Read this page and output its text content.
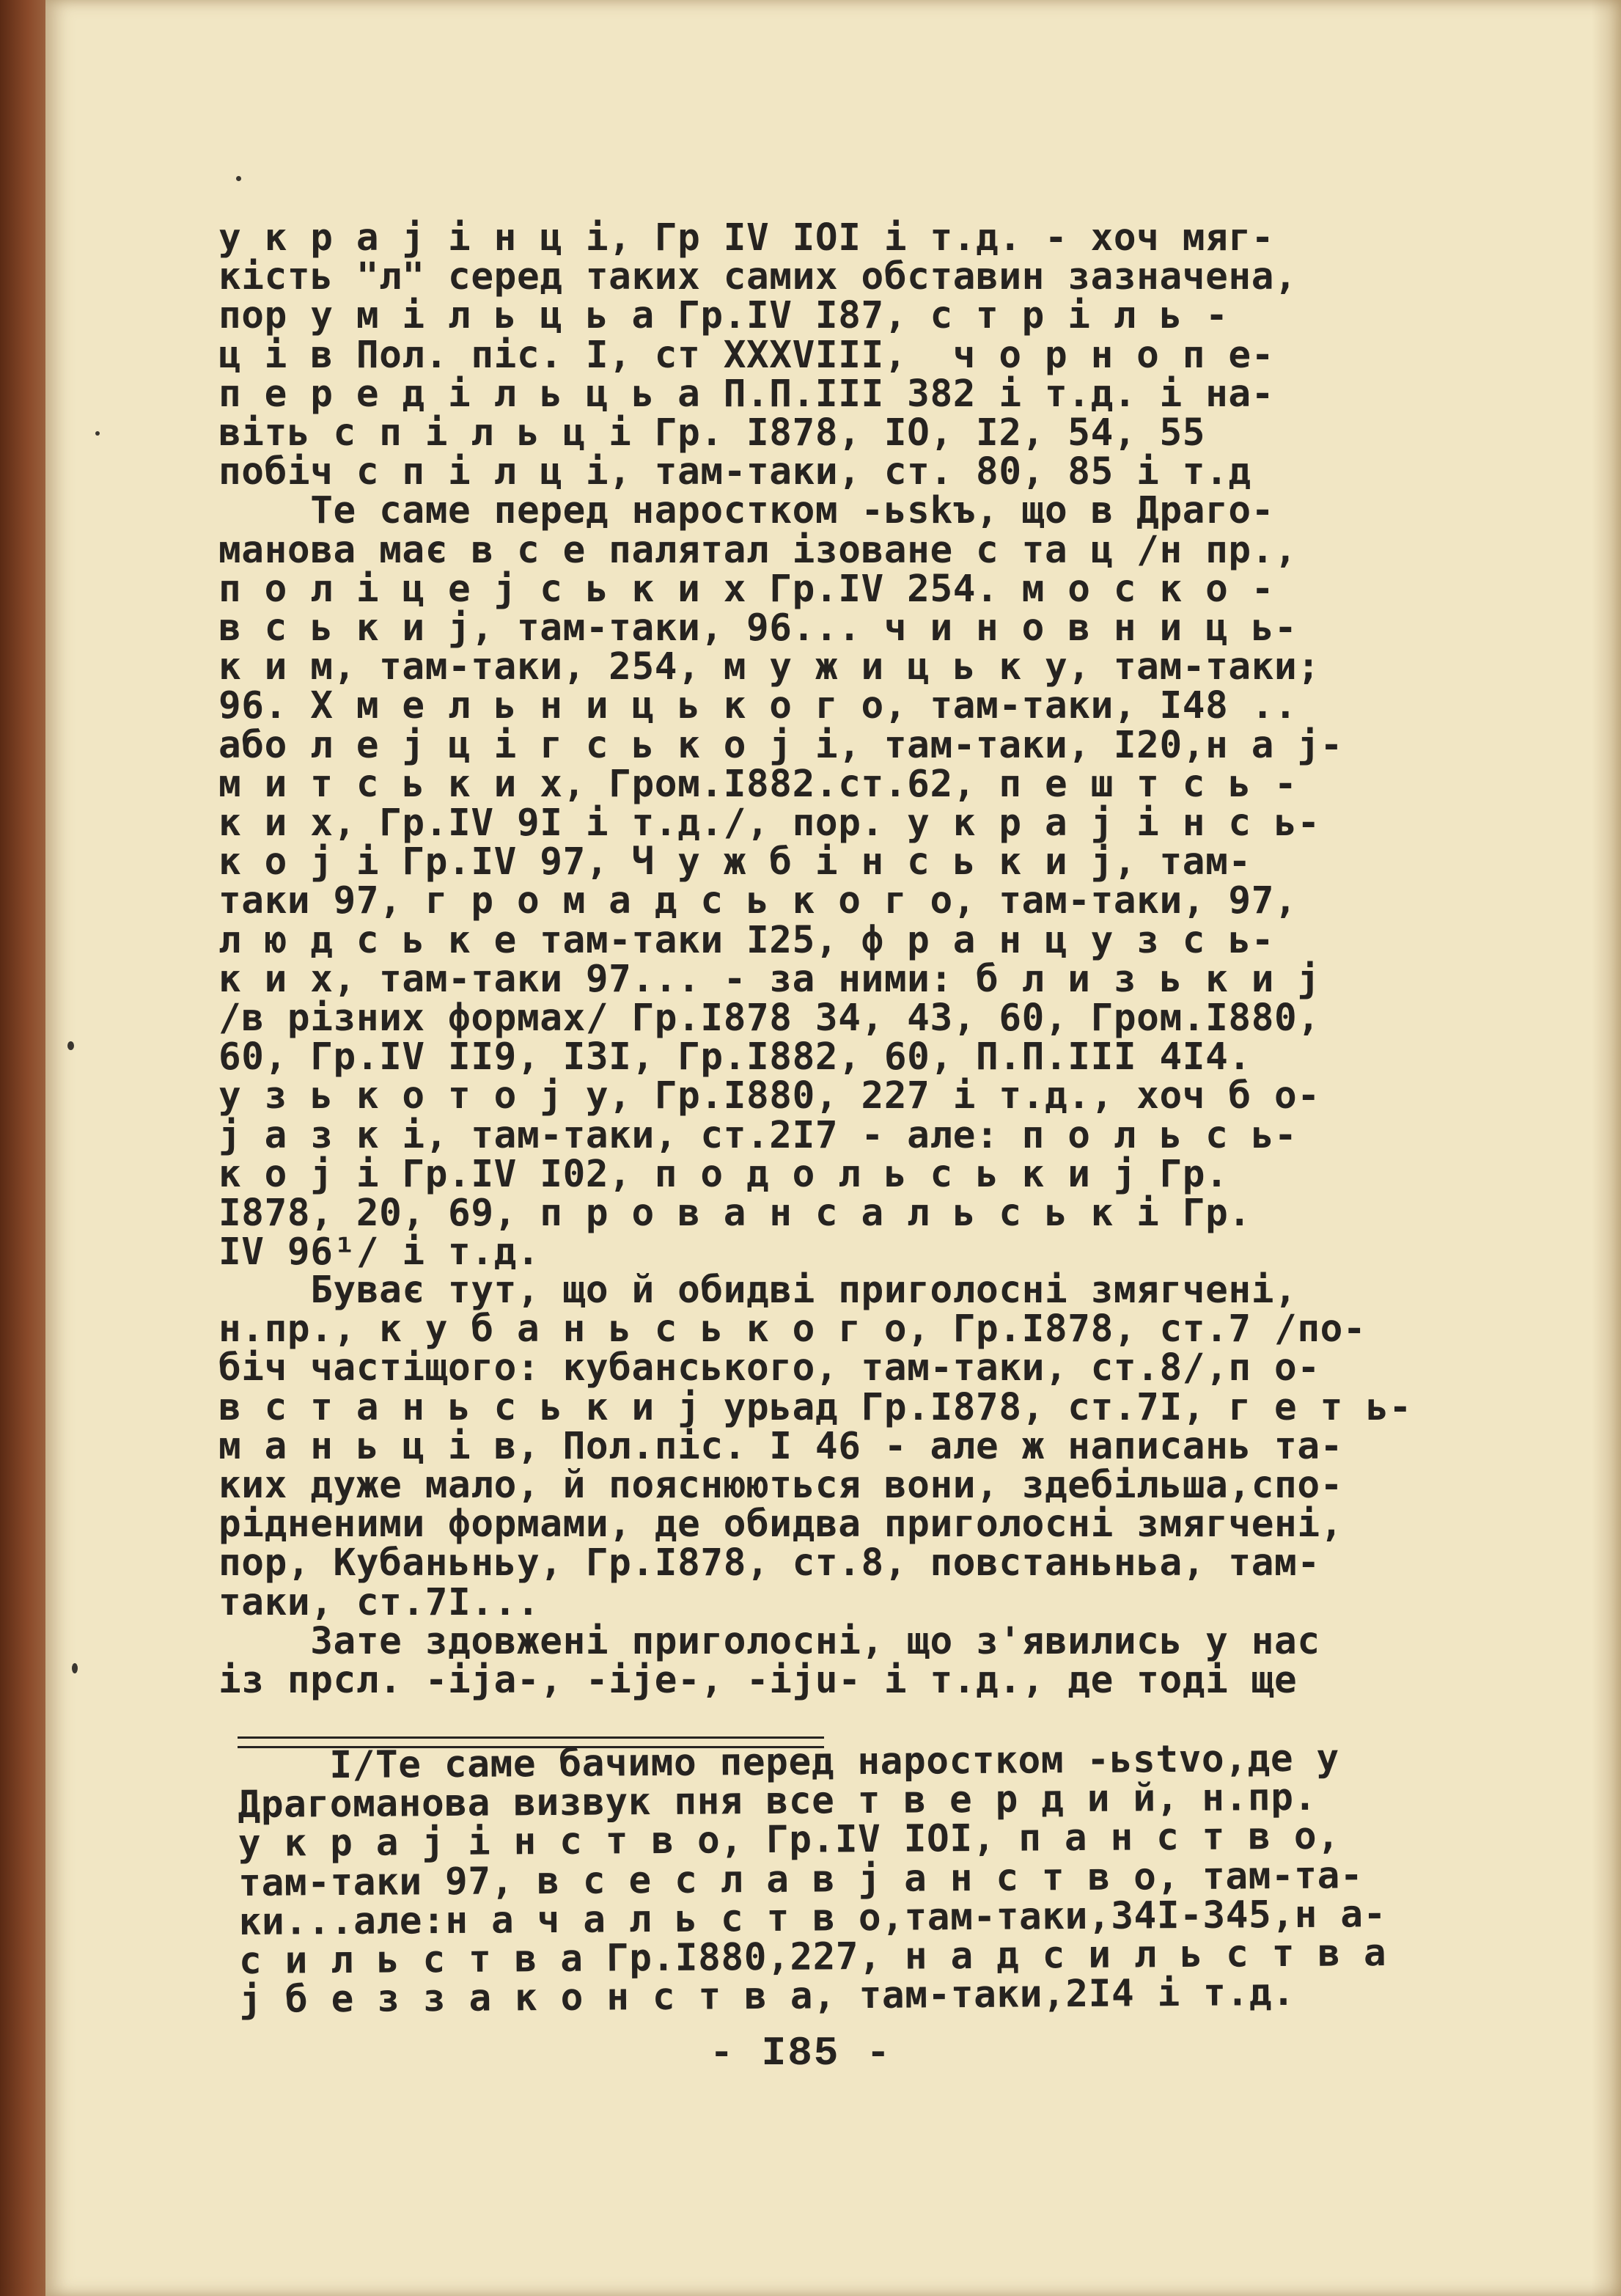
у к р а ј і н ц і, Гр IV IOI і т.д. - хоч мяг-
кість "л" серед таких самих обставин зазначена,
пор у м і л ь ц ь а Гр.IV I87, с т р і л ь -
ц і в Пол. піс. I, ст XXXVIII,  ч о р н о п е-
п е р е д і л ь ц ь а П.П.III 382 і т.д. і на-
віть с п і л ь ц і Гр. I878, IO, I2, 54, 55
побіч с п і л ц і, там-таки, ст. 80, 85 і т.д
Те саме перед наростком -ьskъ, що в Драго-
манова має в с е палятал ізоване с та ц /н пр.,
п о л і ц е ј с ь к и х Гр.IV 254. м о с к о -
в с ь к и ј, там-таки, 96... ч и н о в н и ц ь-
к и м, там-таки, 254, м у ж и ц ь к у, там-таки;
96. Х м е л ь н и ц ь к о г о, там-таки, I48 ..
або л е ј ц і г с ь к о ј і, там-таки, I20,н а ј-
м и т с ь к и х, Гром.I882.ст.62, п е ш т с ь -
к и х, Гр.IV 9I і т.д./, пор. у к р а ј і н с ь-
к о ј і Гр.IV 97, Ч у ж б і н с ь к и ј, там-
таки 97, г р о м а д с ь к о г о, там-таки, 97,
л ю д с ь к е там-таки I25, ф р а н ц у з с ь-
к и х, там-таки 97... - за ними: б л и з ь к и ј
/в різних формах/ Гр.I878 34, 43, 60, Гром.I880,
60, Гр.IV II9, I3I, Гр.I882, 60, П.П.III 4I4.
у з ь к о т о ј у, Гр.I880, 227 і т.д., хоч б о-
ј а з к і, там-таки, ст.2I7 - але: п о л ь с ь-
к о ј і Гр.IV I02, п о д о л ь с ь к и ј Гр.
I878, 20, 69, п р о в а н с а л ь с ь к і Гр.
IV 96¹/ і т.д.
Буває тут, що й обидві приголосні змягчені,
н.пр., к у б а н ь с ь к о г о, Гр.I878, ст.7 /по-
біч частіщого: кубанського, там-таки, ст.8/,п о-
в с т а н ь с ь к и ј урьад Гр.I878, ст.7I, г е т ь-
м а н ь ц і в, Пол.піс. I 46 - але ж написань та-
ких дуже мало, й пояснюються вони, здебільша,спо-
рідненими формами, де обидва приголосні змягчені,
пор, Кубаньньу, Гр.I878, ст.8, повстаньньа, там-
таки, ст.7I...
Зате здовжені приголосні, що з'явились у нас
із прсл. -ija-, -ije-, -iju- і т.д., де тоді ще
I/Те саме бачимо перед наростком -ьstvo,де у
Драгоманова визвук пня все т в е р д и й, н.пр.
у к р а ј і н с т в о, Гр.IV IOI, п а н с т в о,
там-таки 97, в с е с л а в ј а н с т в о, там-та-
ки...але:н а ч а л ь с т в о,там-таки,34I-345,н а-
с и л ь с т в а Гр.I880,227, н а д с и л ь с т в а
ј б е з з а к о н с т в а, там-таки,2I4 і т.д.
- I85 -
